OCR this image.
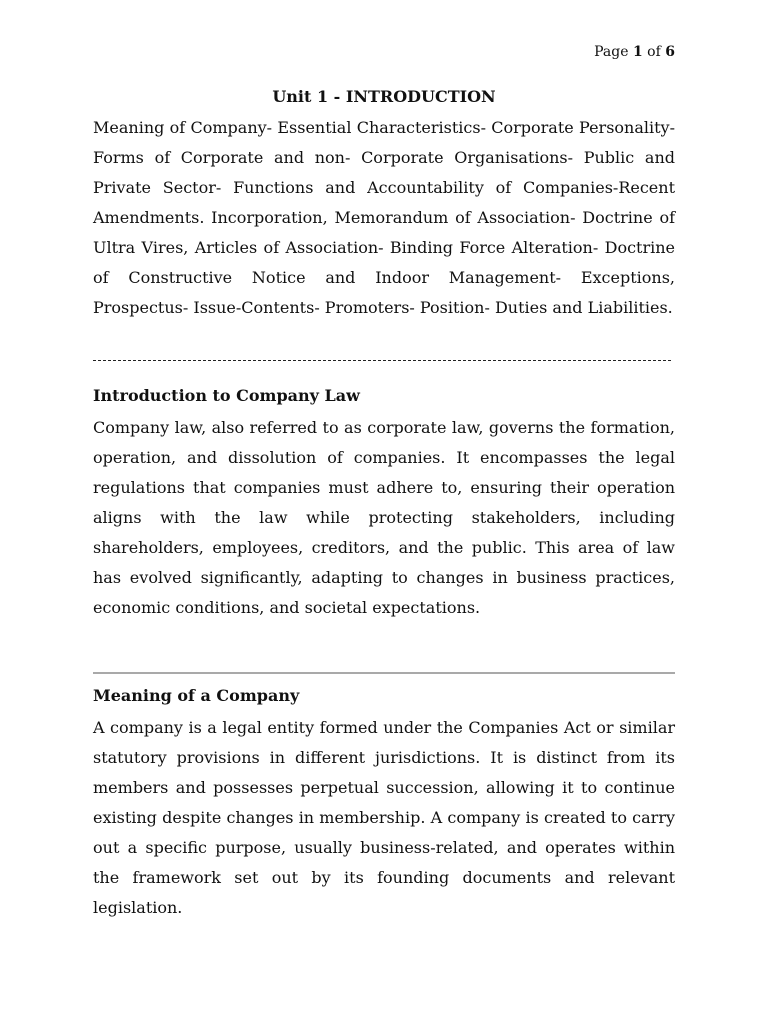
Page 1 of 6
Unit 1 - INTRODUCTION

Meaning of Company- Essential Characteristics- Corporate Personality- Forms of Corporate and non- Corporate Organisations- Public and Private Sector- Functions and Accountability of Companies-Recent Amendments. Incorporation, Memorandum of Association- Doctrine of Ultra Vires, Articles of Association- Binding Force Alteration- Doctrine of Constructive Notice and Indoor Management- Exceptions, Prospectus- Issue-Contents- Promoters- Position- Duties and Liabilities.

Introduction to Company Law

Company law, also referred to as corporate law, governs the formation, operation, and dissolution of companies. It encompasses the legal regulations that companies must adhere to, ensuring their operation aligns with the law while protecting stakeholders, including shareholders, employees, creditors, and the public. This area of law has evolved significantly, adapting to changes in business practices, economic conditions, and societal expectations.

Meaning of a Company

A company is a legal entity formed under the Companies Act or similar statutory provisions in different jurisdictions. It is distinct from its members and possesses perpetual succession, allowing it to continue existing despite changes in membership. A company is created to carry out a specific purpose, usually business-related, and operates within the framework set out by its founding documents and relevant legislation.
